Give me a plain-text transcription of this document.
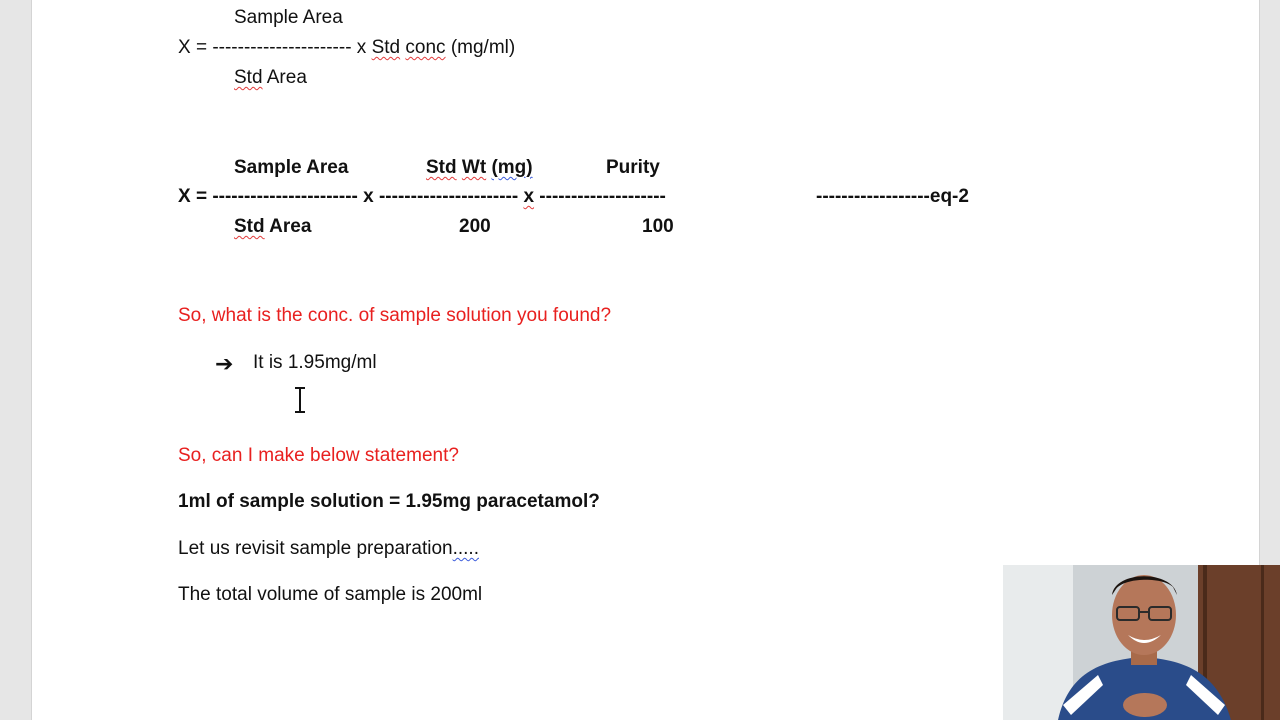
Sample Area
X = ---------------------- x Std conc (mg/ml)
Std Area
Sample Area	Std Wt (mg)	Purity
X = ----------------------- x ---------------------- x --------------------	------------------eq-2
Std Area	200	100
So, what is the conc. of sample solution you found?
➔ It is 1.95mg/ml
So, can I make below statement?
1ml of sample solution = 1.95mg paracetamol?
Let us revisit sample preparation.....
The total volume of sample is 200ml
